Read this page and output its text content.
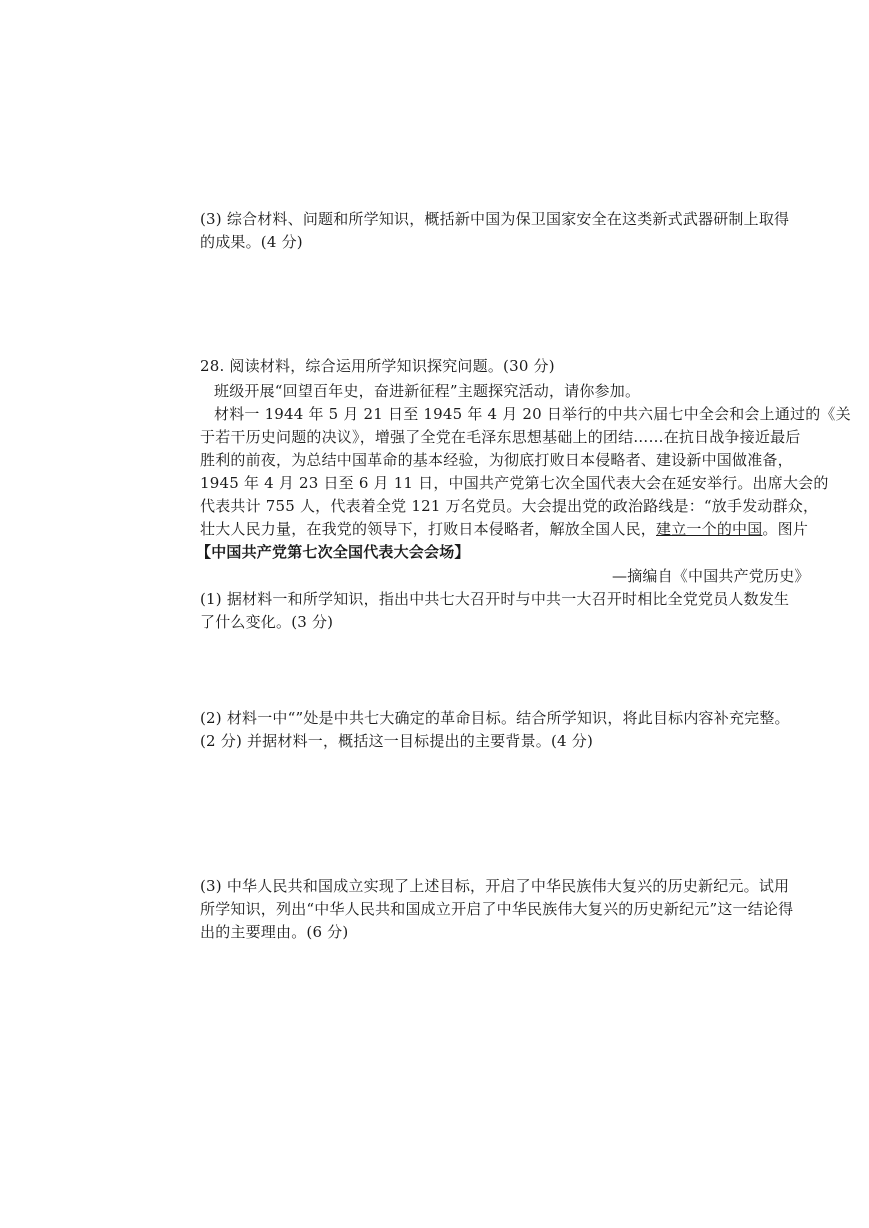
(3) 综合材料、问题和所学知识，概括新中国为保卫国家安全在这类新式武器研制上取得
的成果。(4 分)
28. 阅读材料，综合运用所学知识探究问题。(30 分)
班级开展“回望百年史，奋进新征程”主题探究活动，请你参加。
材料一 1944 年 5 月 21 日至 1945 年 4 月 20 日举行的中共六届七中全会和会上通过的《关
于若干历史问题的决议》，增强了全党在毛泽东思想基础上的团结……在抗日战争接近最后
胜利的前夜，为总结中国革命的基本经验，为彻底打败日本侵略者、建设新中国做准备，
1945 年 4 月 23 日至 6 月 11 日，中国共产党第七次全国代表大会在延安举行。出席大会的
代表共计 755 人，代表着全党 121 万名党员。大会提出党的政治路线是：“放手发动群众，
壮大人民力量，在我党的领导下，打败日本侵略者，解放全国人民，建立一个的中国。图片
【中国共产党第七次全国代表大会会场】
—摘编自《中国共产党历史》
(1) 据材料一和所学知识，指出中共七大召开时与中共一大召开时相比全党党员人数发生
了什么变化。(3 分)
(2) 材料一中“”处是中共七大确定的革命目标。结合所学知识，将此目标内容补充完整。
(2 分) 并据材料一，概括这一目标提出的主要背景。(4 分)
(3) 中华人民共和国成立实现了上述目标，开启了中华民族伟大复兴的历史新纪元。试用
所学知识，列出“中华人民共和国成立开启了中华民族伟大复兴的历史新纪元”这一结论得
出的主要理由。(6 分)
